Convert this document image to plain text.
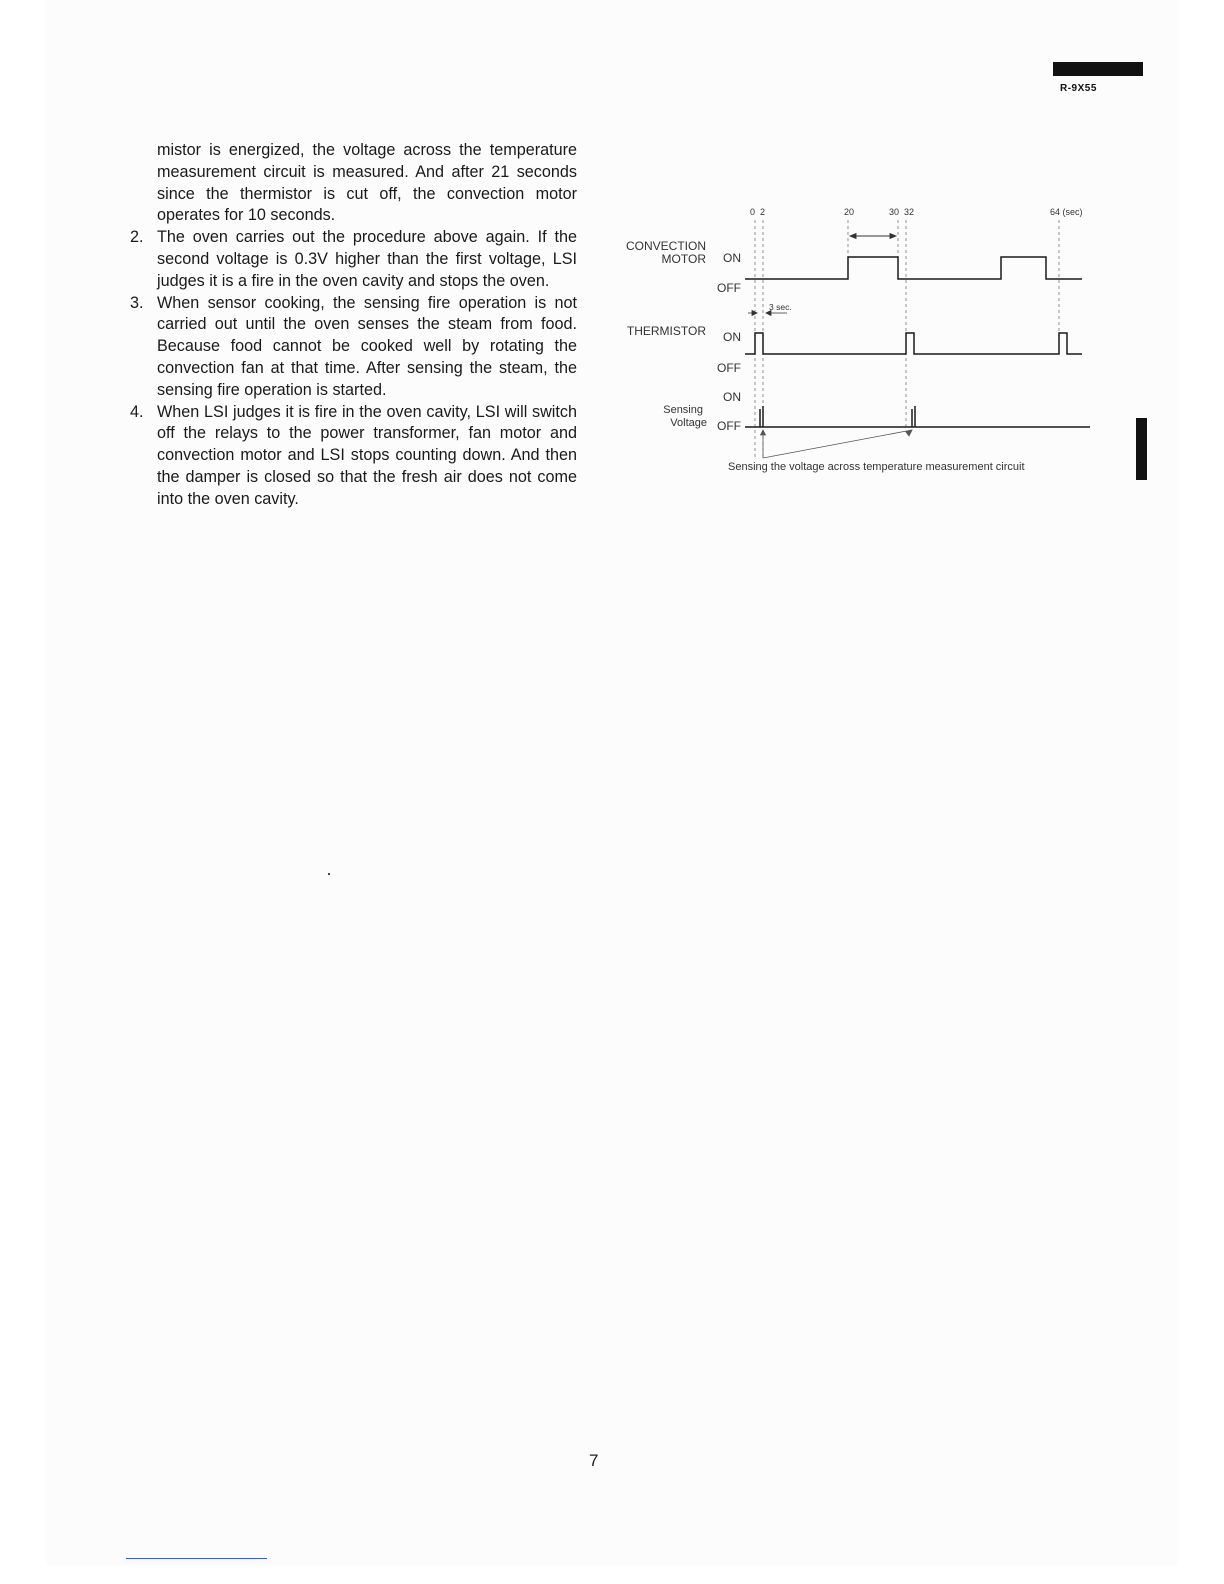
R-9X55

mistor is energized, the voltage across the temperature measurement circuit is measured. And after 21 seconds since the thermistor is cut off, the convection motor operates for 10 seconds.

2. The oven carries out the procedure above again. If the second voltage is 0.3V higher than the first voltage, LSI judges it is a fire in the oven cavity and stops the oven.
3. When sensor cooking, the sensing fire operation is not carried out until the oven senses the steam from food. Because food cannot be cooked well by rotating the convection fan at that time. After sensing the steam, the sensing fire operation is started.
4. When LSI judges it is fire in the oven cavity, LSI will switch off the relays to the power transformer, fan motor and convection motor and LSI stops counting down. And then the damper is closed so that the fresh air does not come into the oven cavity.
0 2	20	30 32	64 (sec)
CONVECTION
MOTOR ON
OFF
3 sec.
THERMISTOR ON
OFF
Sensing
Voltage
ON
OFF
Sensing the voltage across temperature measurement circuit
7
